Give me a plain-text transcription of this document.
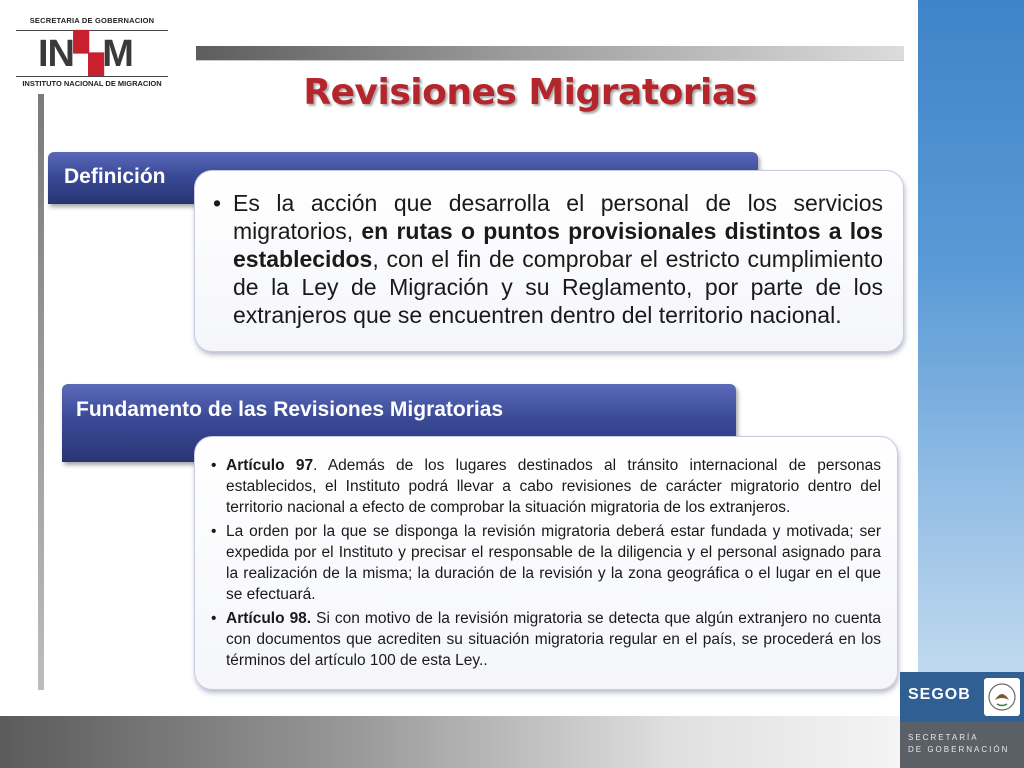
SECRETARIA DE GOBERNACION
IN▚M
INSTITUTO NACIONAL DE MIGRACION	Revisiones Migratorias
Definición
• Es la acción que desarrolla el personal de los servicios migratorios, en rutas o puntos provisionales distintos a los establecidos, con el fin de comprobar el estricto cumplimiento de la Ley de Migración y su Reglamento, por parte de los extranjeros que se encuentren dentro del territorio nacional.
Fundamento de las Revisiones Migratorias
• Artículo 97. Además de los lugares destinados al tránsito internacional de personas establecidos, el Instituto podrá llevar a cabo revisiones de carácter migratorio dentro del territorio nacional a efecto de comprobar la situación migratoria de los extranjeros.
• La orden por la que se disponga la revisión migratoria deberá estar fundada y motivada; ser expedida por el Instituto y precisar el responsable de la diligencia y el personal asignado para la realización de la misma; la duración de la revisión y la zona geográfica o el lugar en el que se efectuará.
• Artículo 98. Si con motivo de la revisión migratoria se detecta que algún extranjero no cuenta con documentos que acrediten su situación migratoria regular en el país, se procederá en los términos del artículo 100 de esta Ley..
SEGOB
SECRETARÍA
DE GOBERNACIÓN
